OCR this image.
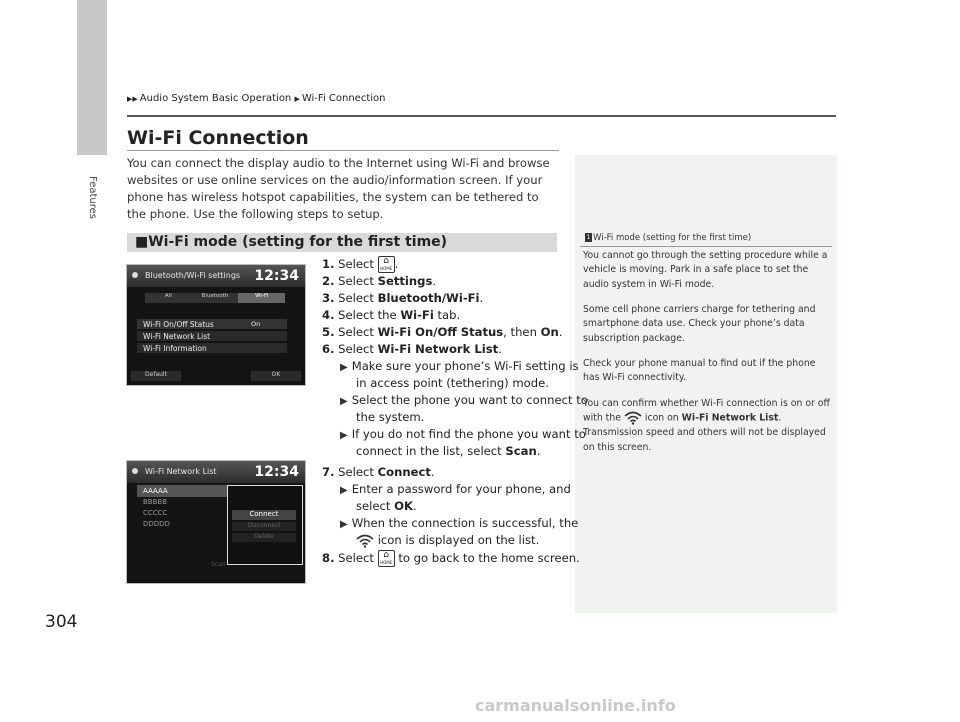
Features
304
▶▶ Audio System Basic Operation ▶ Wi-Fi Connection
Wi-Fi Connection
You can connect the display audio to the Internet using Wi-Fi and browse websites or use online services on the audio/information screen. If your phone has wireless hotspot capabilities, the system can be tethered to the phone. Use the following steps to setup.
■Wi-Fi mode (setting for the first time)	1 Wi-Fi mode (setting for the first time)
You cannot go through the setting procedure while a vehicle is moving. Park in a safe place to set the audio system in Wi-Fi mode.
Some cell phone carriers charge for tethering and smartphone data use. Check your phone’s data subscription package.
Check your phone manual to find out if the phone has Wi-Fi connectivity.
You can confirm whether Wi-Fi connection is on or off with the	icon on Wi-Fi Network List. Transmission speed and others will not be displayed on this screen.
Bluetooth/Wi-Fi settings 12:34
All	Bluetooth	Wi-Fi
Wi-Fi On/Off Status	On
Wi-Fi Network List
Wi-Fi Information
Default	OK
Wi-Fi Network List	12:34
AAAAA
BBBBB
CCCCC
DDDDD
Connect
Disconnect
Delete
Scan
1. Select	⌂
HOME .
2. Select Settings.
3. Select Bluetooth/Wi-Fi.
4. Select the Wi-Fi tab.
5. Select Wi-Fi On/Off Status, then On.
6. Select Wi-Fi Network List.
▶ Make sure your phone’s Wi-Fi setting is
in access point (tethering) mode.
▶ Select the phone you want to connect to
the system.
▶ If you do not find the phone you want to
connect in the list, select Scan.
7. Select Connect.
▶ Enter a password for your phone, and
select OK.
▶ When the connection is successful, the
icon is displayed on the list.
8. Select	⌂
HOME to go back to the home screen.
carmanualsonline.info
